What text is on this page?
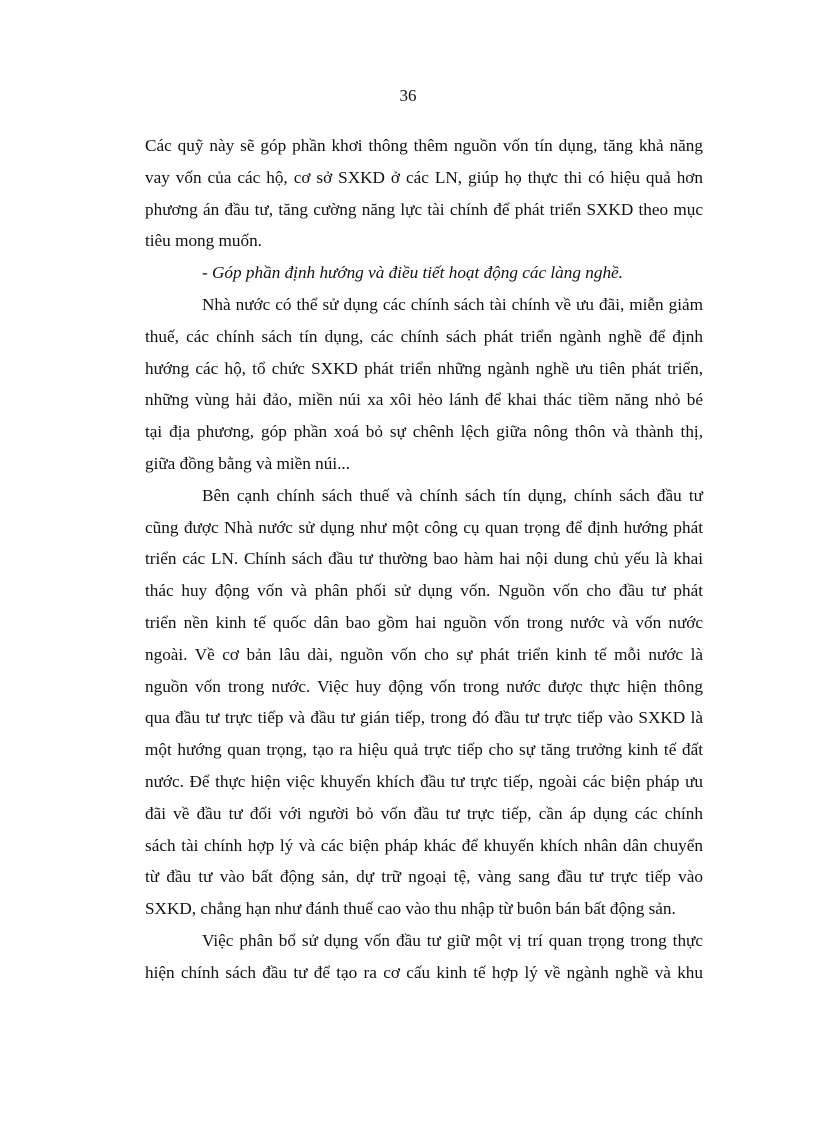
36
Các quỹ này sẽ góp phần khơi thông thêm nguồn vốn tín dụng, tăng khả năng
vay vốn của các hộ, cơ sở SXKD ở các LN, giúp họ thực thi có hiệu quả hơn
phương án đầu tư, tăng cường năng lực tài chính để phát triển SXKD theo mục
tiêu mong muốn.
- Góp phần định hướng và điều tiết hoạt động các làng nghề.
Nhà nước có thể sử dụng các chính sách tài chính về ưu đãi, miễn giảm
thuế, các chính sách tín dụng, các chính sách phát triển ngành nghề để định
hướng các hộ, tổ chức SXKD phát triển những ngành nghề ưu tiên phát triển,
những vùng hải đảo, miền núi xa xôi hẻo lánh để khai thác tiềm năng nhỏ bé
tại địa phương, góp phần xoá bỏ sự chênh lệch giữa nông thôn và thành thị,
giữa đồng bằng và miền núi...
Bên cạnh chính sách thuế và chính sách tín dụng, chính sách đầu tư
cũng được Nhà nước sử dụng như một công cụ quan trọng để định hướng phát
triển các LN. Chính sách đầu tư thường bao hàm hai nội dung chủ yếu là khai
thác huy động vốn và phân phối sử dụng vốn. Nguồn vốn cho đầu tư phát
triển nền kinh tế quốc dân bao gồm hai nguồn vốn trong nước và vốn nước
ngoài. Về cơ bản lâu dài, nguồn vốn cho sự phát triển kinh tế mỗi nước là
nguồn vốn trong nước. Việc huy động vốn trong nước được thực hiện thông
qua đầu tư trực tiếp và đầu tư gián tiếp, trong đó đầu tư trực tiếp vào SXKD là
một hướng quan trọng, tạo ra hiệu quả trực tiếp cho sự tăng trưởng kinh tế đất
nước. Để thực hiện việc khuyến khích đầu tư trực tiếp, ngoài các biện pháp ưu
đãi về đầu tư đối với người bỏ vốn đầu tư trực tiếp, cần áp dụng các chính
sách tài chính hợp lý và các biện pháp khác để khuyến khích nhân dân chuyển
từ đầu tư vào bất động sản, dự trữ ngoại tệ, vàng sang đầu tư trực tiếp vào
SXKD, chẳng hạn như đánh thuế cao vào thu nhập từ buôn bán bất động sản.
Việc phân bổ sử dụng vốn đầu tư giữ một vị trí quan trọng trong thực
hiện chính sách đầu tư để tạo ra cơ cấu kinh tế hợp lý về ngành nghề và khu
